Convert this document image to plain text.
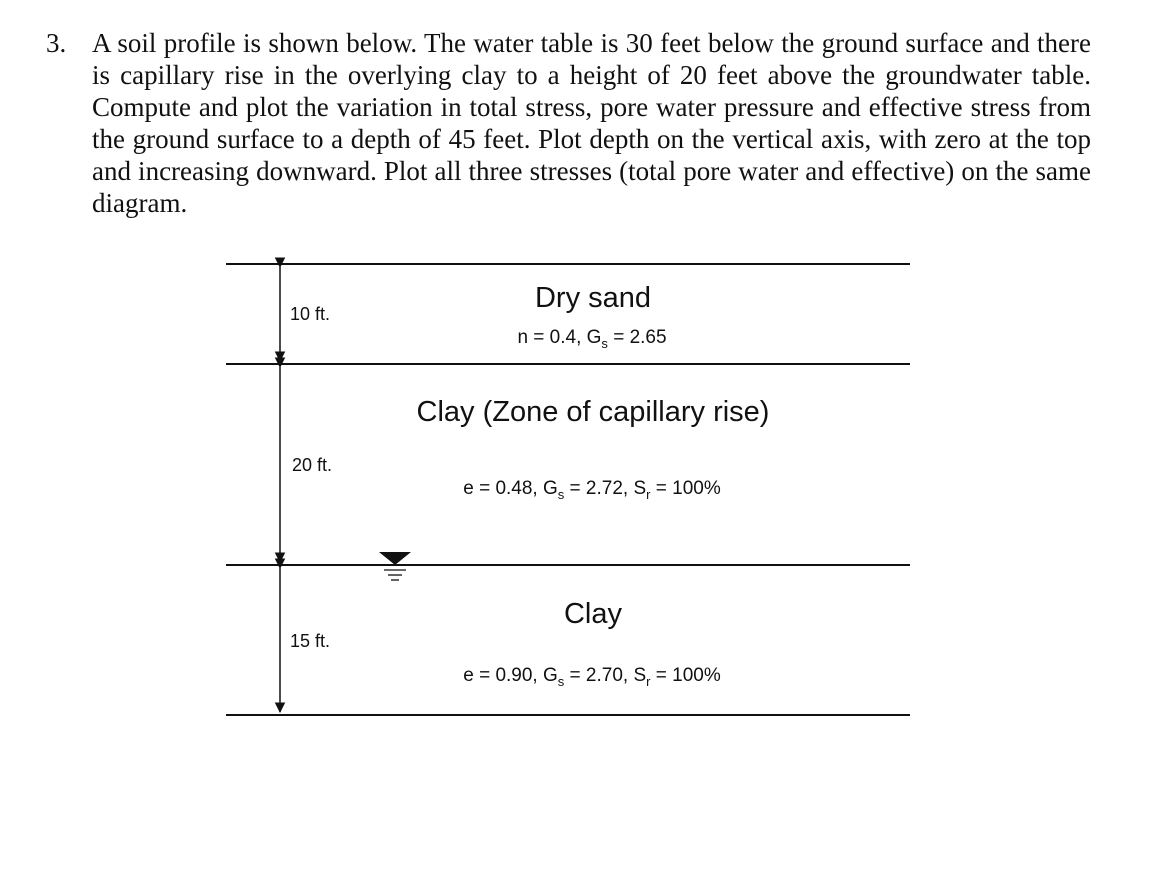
3. A soil profile is shown below. The water table is 30 feet below the ground surface and there is capillary rise in the overlying clay to a height of 20 feet above the groundwater table. Compute and plot the variation in total stress, pore water pressure and effective stress from the ground surface to a depth of 45 feet. Plot depth on the vertical axis, with zero at the top and increasing downward. Plot all three stresses (total pore water and effective) on the same diagram.
10 ft.
20 ft.
15 ft.
Dry sand
Clay (Zone of capillary rise)
Clay
n = 0.4, $G_s = 2.65$
e = 0.48, $G_s = 2.72$, $S_r = 100\%$
e = 0.90, $G_s = 2.70$, $S_r = 100\%$
